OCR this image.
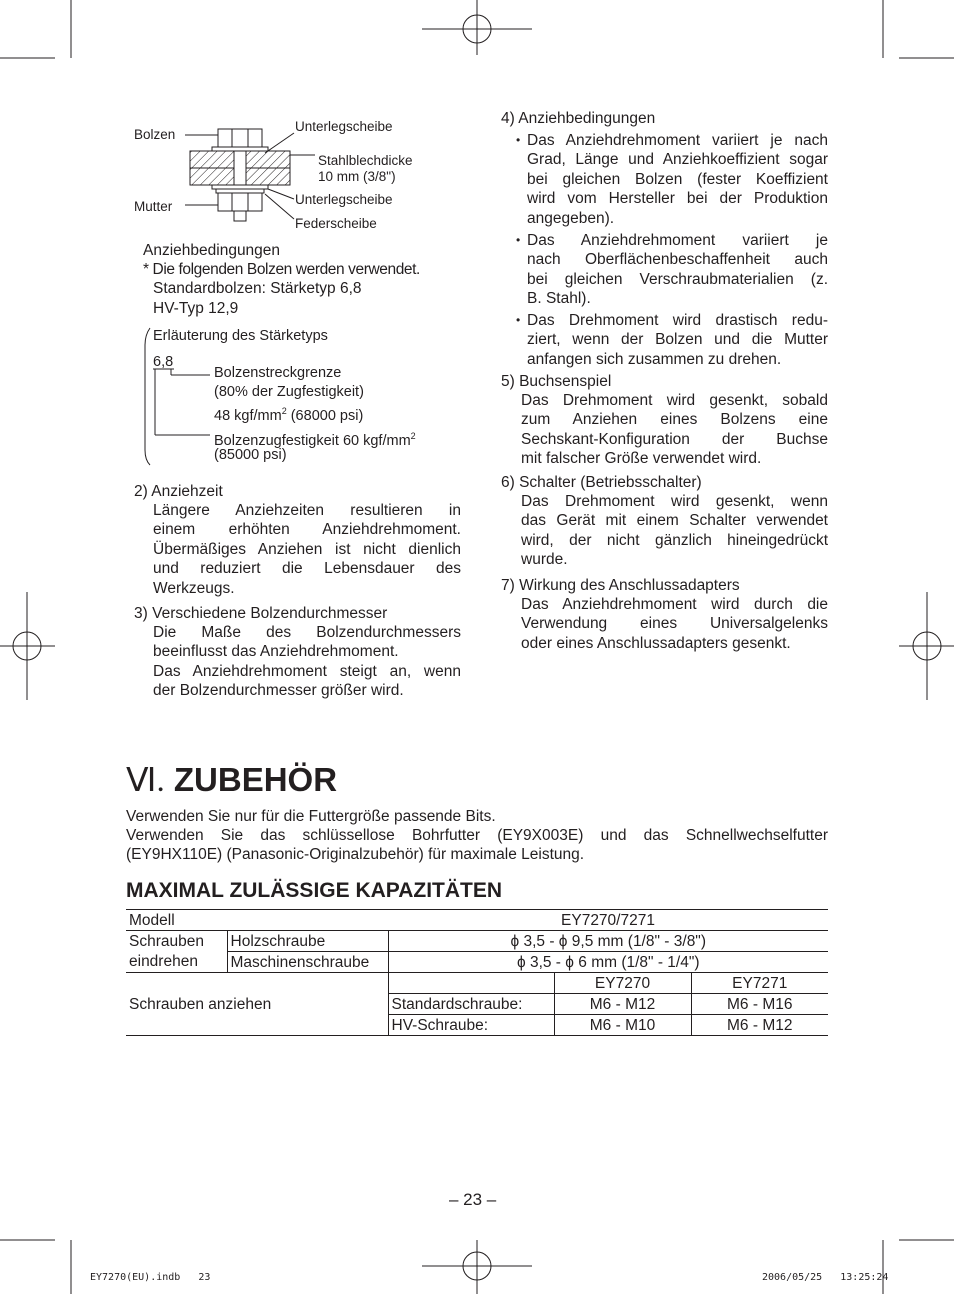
Bolzen
Mutter
Unterlegscheibe
Stahlblechdicke
10 mm (3/8")
Unterlegscheibe
Federscheibe
Anziehbedingungen
* Die folgenden Bolzen werden verwendet.
Standardbolzen: Stärketyp 6,8
HV-Typ 12,9
Erläuterung des Stärketyps
6,8
Bolzenstreckgrenze
(80% der Zugfestigkeit)
48 kgf/$mm^2$ (68000 psi)
Bolzenzugfestigkeit 60 kgf/$mm^2$
(85000 psi)
2) Anziehzeit
Längere Anziehzeiten resultieren in
einem erhöhten Anziehdrehmoment.
Übermäßiges Anziehen ist nicht dienlich
und reduziert die Lebensdauer des
Werkzeugs.
3) Verschiedene Bolzendurchmesser
Die Maße des Bolzendurchmessers
beeinflusst das Anziehdrehmoment.
Das Anziehdrehmoment steigt an, wenn
der Bolzendurchmesser größer wird.
4) Anziehbedingungen
• Das Anziehdrehmoment variiert je nach
Grad, Länge und Anziehkoeffizient sogar
bei gleichen Bolzen (fester Koeffizient
wird vom Hersteller bei der Produktion
angegeben).
• Das Anziehdrehmoment variiert je
nach Oberflächenbeschaffenheit auch
bei gleichen Verschraubmaterialien (z.
B. Stahl).
• Das Drehmoment wird drastisch redu-
ziert, wenn der Bolzen und die Mutter
anfangen sich zusammen zu drehen.
5) Buchsenspiel
Das Drehmoment wird gesenkt, sobald
zum Anziehen eines Bolzens eine
Sechskant-Konfiguration der Buchse
mit falscher Größe verwendet wird.
6) Schalter (Betriebsschalter)
Das Drehmoment wird gesenkt, wenn
das Gerät mit einem Schalter verwendet
wird, der nicht gänzlich hineingedrückt
wurde.
7) Wirkung des Anschlussadapters
Das Anziehdrehmoment wird durch die
Verwendung eines Universalgelenks
oder eines Anschlussadapters gesenkt.
Ⅵ. ZUBEHÖR
Verwenden Sie nur für die Futtergröße passende Bits.
Verwenden Sie das schlüssellose Bohrfutter (EY9X003E) und das Schnellwechselfutter
(EY9HX110E) (Panasonic-Originalzubehör) für maximale Leistung.
MAXIMAL ZULÄSSIGE KAPAZITÄTEN
Modell		EY7270/7271		
Schrauben
eindrehen	Holzschraube	ϕ 3,5 - ϕ 9,5 mm (1/8" - 3/8")		
	Maschinenschraube	ϕ 3,5 - ϕ 6 mm (1/8" - 1/4")		
Schrauben anziehen			EY7270	EY7271
		Standardschraube:	M6 - M12	M6 - M16
		HV-Schraube:	M6 - M10	M6 - M12
– 23 –
EY7270(EU).indb   23	2006/05/25   13:25:24
